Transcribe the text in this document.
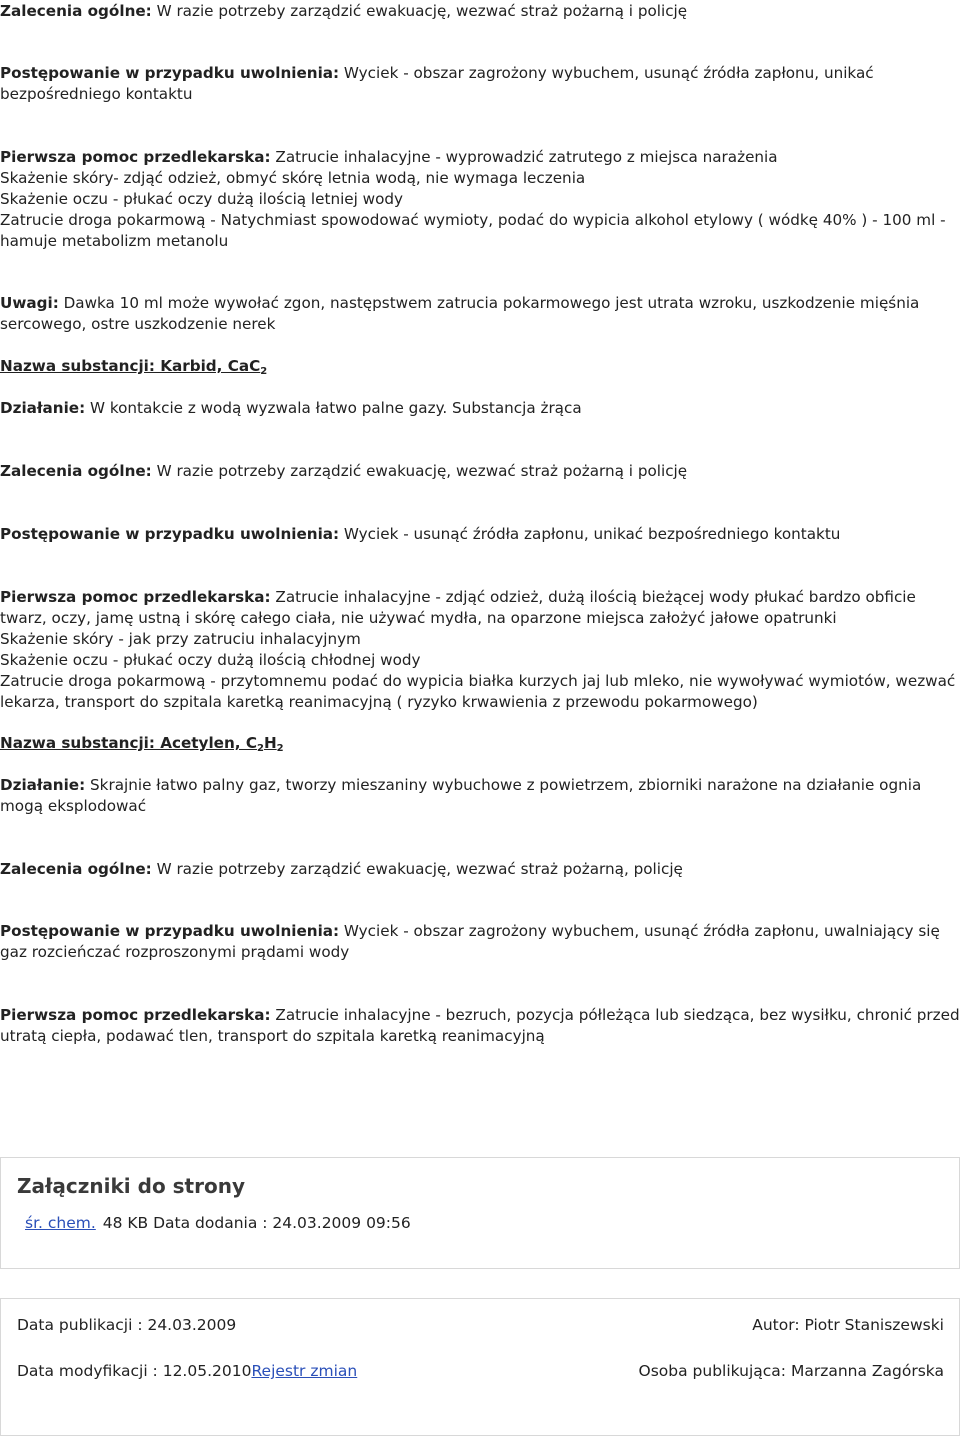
Zalecenia ogólne: W razie potrzeby zarządzić ewakuację, wezwać straż pożarną i policję

Postępowanie w przypadku uwolnienia: Wyciek - obszar zagrożony wybuchem, usunąć źródła zapłonu, unikać bezpośredniego kontaktu

Pierwsza pomoc przedlekarska: Zatrucie inhalacyjne - wyprowadzić zatrutego z miejsca narażenia
Skażenie skóry- zdjąć odzież, obmyć skórę letnia wodą, nie wymaga leczenia
Skażenie oczu - płukać oczy dużą ilością letniej wody
Zatrucie droga pokarmową - Natychmiast spowodować wymioty, podać do wypicia alkohol etylowy ( wódkę 40% ) - 100 ml - hamuje metabolizm metanolu

Uwagi: Dawka 10 ml może wywołać zgon, następstwem zatrucia pokarmowego jest utrata wzroku, uszkodzenie mięśnia sercowego, ostre uszkodzenie nerek

Nazwa substancji: Karbid, CaC$_2$

Działanie: W kontakcie z wodą wyzwala łatwo palne gazy. Substancja żrąca

Zalecenia ogólne: W razie potrzeby zarządzić ewakuację, wezwać straż pożarną i policję

Postępowanie w przypadku uwolnienia: Wyciek - usunąć źródła zapłonu, unikać bezpośredniego kontaktu

Pierwsza pomoc przedlekarska: Zatrucie inhalacyjne - zdjąć odzież, dużą ilością bieżącej wody płukać bardzo obficie twarz, oczy, jamę ustną i skórę całego ciała, nie używać mydła, na oparzone miejsca założyć jałowe opatrunki
Skażenie skóry - jak przy zatruciu inhalacyjnym
Skażenie oczu - płukać oczy dużą ilością chłodnej wody
Zatrucie droga pokarmową - przytomnemu podać do wypicia białka kurzych jaj lub mleko, nie wywoływać wymiotów, wezwać lekarza, transport do szpitala karetką reanimacyjną ( ryzyko krwawienia z przewodu pokarmowego)

Nazwa substancji: Acetylen, $C_2H_2$

Działanie: Skrajnie łatwo palny gaz, tworzy mieszaniny wybuchowe z powietrzem, zbiorniki narażone na działanie ognia mogą eksplodować

Zalecenia ogólne: W razie potrzeby zarządzić ewakuację, wezwać straż pożarną, policję

Postępowanie w przypadku uwolnienia: Wyciek - obszar zagrożony wybuchem, usunąć źródła zapłonu, uwalniający się gaz rozcieńczać rozproszonymi prądami wody

Pierwsza pomoc przedlekarska: Zatrucie inhalacyjne - bezruch, pozycja półleżąca lub siedząca, bez wysiłku, chronić przed utratą ciepła, podawać tlen, transport do szpitala karetką reanimacyjną

Załączniki do strony
śr. chem. 48 KB Data dodania : 24.03.2009 09:56
Data publikacji : 24.03.2009	Autor: Piotr Staniszewski
Data modyfikacji : 12.05.2010Rejestr zmian	Osoba publikująca: Marzanna Zagórska
